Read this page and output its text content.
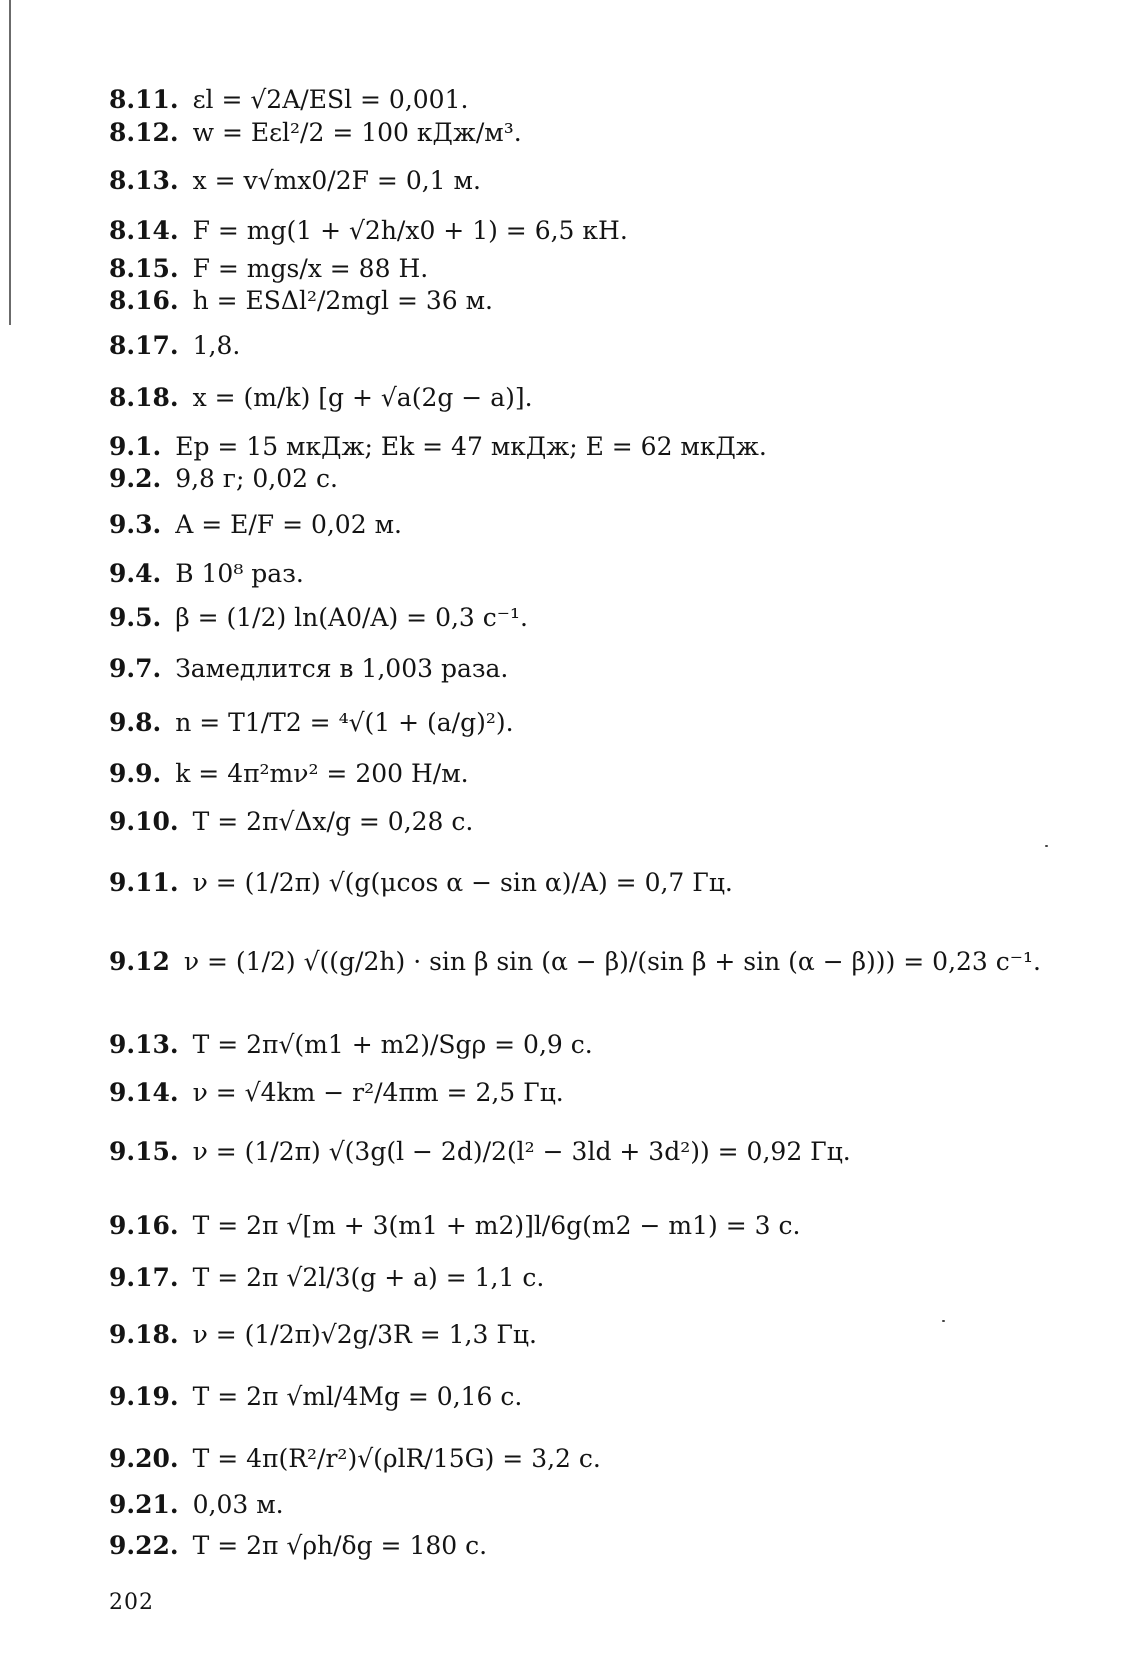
8.11. εl = √2A/ESl = 0,001.
8.12. w = Eεl²/2 = 100 кДж/м³.
8.13. x = v√mx0/2F = 0,1 м.
8.14. F = mg(1 + √2h/x0 + 1) = 6,5 кН.
8.15. F = mgs/x = 88 Н.
8.16. h = ESΔl²/2mgl = 36 м.
8.17. 1,8.
8.18. x = (m/k) [g + √a(2g − a)].
9.1. Ep = 15 мкДж; Ek = 47 мкДж; E = 62 мкДж.
9.2. 9,8 г; 0,02 с.
9.3. A = E/F = 0,02 м.
9.4. В 10⁸ раз.
9.5. β = (1/2) ln(A0/A) = 0,3 с⁻¹.
9.7. Замедлится в 1,003 раза.
9.8. n = T1/T2 = ⁴√(1 + (a/g)²).
9.9. k = 4π²mν² = 200 Н/м.
9.10. T = 2π√Δx/g = 0,28 с.
9.11. ν = (1/2π) √(g(μcos α − sin α)/A) = 0,7 Гц.
9.12 ν = (1/2) √((g/2h) · sin β sin (α − β)/(sin β + sin (α − β))) = 0,23 с⁻¹.
9.13. T = 2π√(m1 + m2)/Sgρ = 0,9 с.
9.14. ν = √4km − r²/4πm = 2,5 Гц.
9.15. ν = (1/2π) √(3g(l − 2d)/2(l² − 3ld + 3d²)) = 0,92 Гц.
9.16. T = 2π √[m + 3(m1 + m2)]l/6g(m2 − m1) = 3 с.
9.17. T = 2π √2l/3(g + a) = 1,1 с.
9.18. ν = (1/2π)√2g/3R = 1,3 Гц.
9.19. T = 2π √ml/4Mg = 0,16 с.
9.20. T = 4π(R²/r²)√(ρlR/15G) = 3,2 с.
9.21. 0,03 м.
9.22. T = 2π √ρh/δg = 180 с.
202
